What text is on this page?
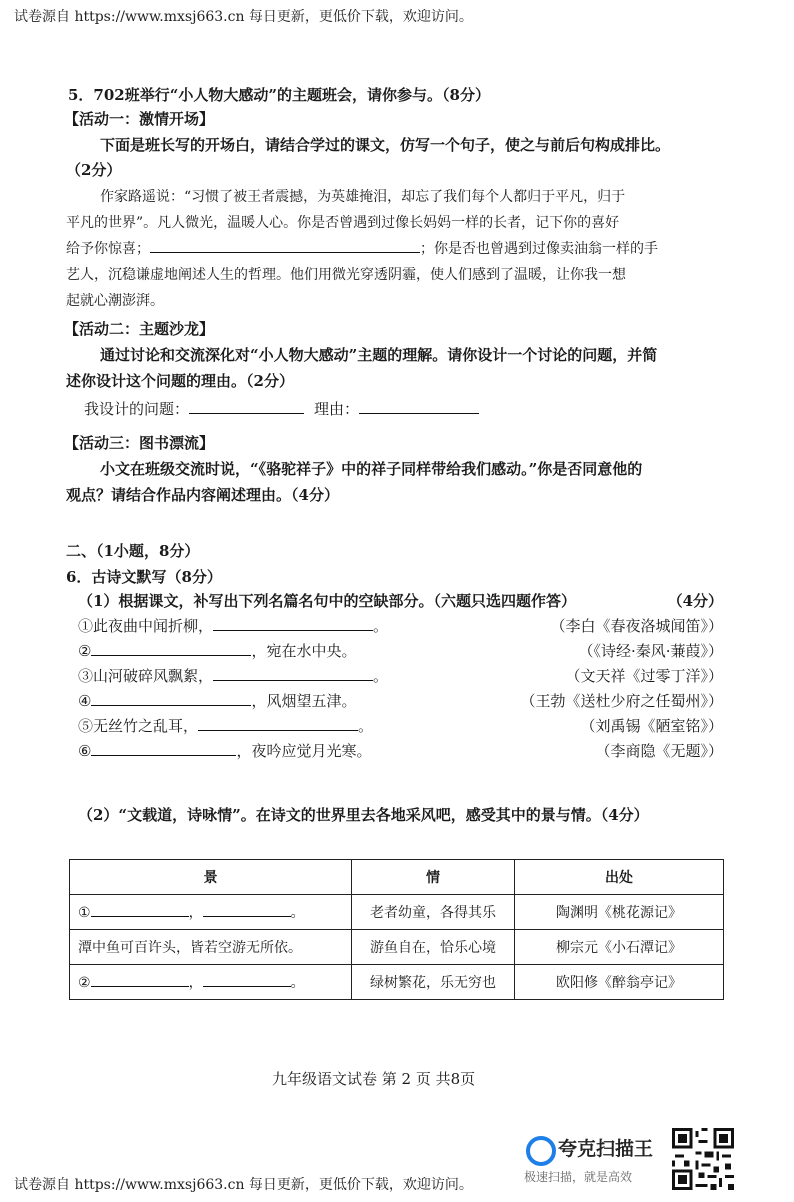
试卷源自 https://www.mxsj663.cn 每日更新，更低价下载，欢迎访问。
5．702班举行“小人物大感动”的主题班会，请你参与。（8分）
【活动一：激情开场】
下面是班长写的开场白，请结合学过的课文，仿写一个句子，使之与前后句构成排比。
（2分）
作家路遥说：“习惯了被王者震撼，为英雄掩泪，却忘了我们每个人都归于平凡，归于
平凡的世界”。凡人微光，温暖人心。你是否曾遇到过像长妈妈一样的长者，记下你的喜好
给予你惊喜；	；你是否也曾遇到过像卖油翁一样的手
艺人，沉稳谦虚地阐述人生的哲理。他们用微光穿透阴霾，使人们感到了温暖，让你我一想
起就心潮澎湃。
【活动二：主题沙龙】
通过讨论和交流深化对“小人物大感动”主题的理解。请你设计一个讨论的问题，并简
述你设计这个问题的理由。（2分）
我设计的问题：	理由：
【活动三：图书漂流】
小文在班级交流时说，“《骆驼祥子》中的祥子同样带给我们感动。”你是否同意他的
观点？请结合作品内容阐述理由。（4分）
二、（1小题，8分）
6．古诗文默写（8分）
（1）根据课文，补写出下列名篇名句中的空缺部分。（六题只选四题作答）	（4分）
①此夜曲中闻折柳，	。	（李白《春夜洛城闻笛》）
②	，宛在水中央。	（《诗经·秦风·蒹葭》）
③山河破碎风飘絮，	。	（文天祥《过零丁洋》）
④	，风烟望五津。	（王勃《送杜少府之任蜀州》）
⑤无丝竹之乱耳，	。	（刘禹锡《陋室铭》）
⑥	，夜吟应觉月光寒。	（李商隐《无题》）
（2）“文载道，诗咏情”。在诗文的世界里去各地采风吧，感受其中的景与情。（4分）
景	情	出处
① ， 。	老者幼童，各得其乐	陶渊明《桃花源记》
潭中鱼可百许头，皆若空游无所依。	游鱼自在，恰乐心境	柳宗元《小石潭记》
② ， 。	绿树繁花，乐无穷也	欧阳修《醉翁亭记》
九年级语文试卷 第 2 页 共8页
夸克扫描王
极速扫描，就是高效
试卷源自 https://www.mxsj663.cn 每日更新，更低价下载，欢迎访问。
